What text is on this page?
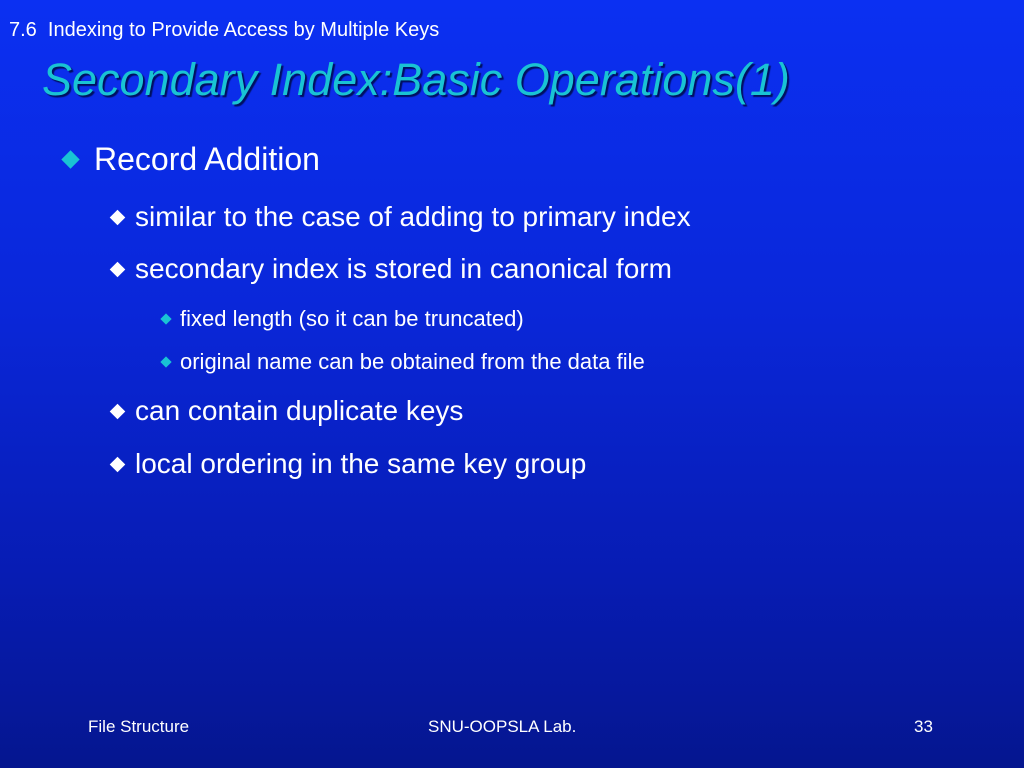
7.6  Indexing to Provide Access by Multiple Keys
Secondary Index:Basic Operations(1)
Record Addition
similar to the case of adding to primary index
secondary index is stored in canonical form
fixed length (so it can be truncated)
original name can be obtained from the data file
can contain duplicate keys
local ordering in the same key group
File Structure	SNU-OOPSLA Lab.	33
